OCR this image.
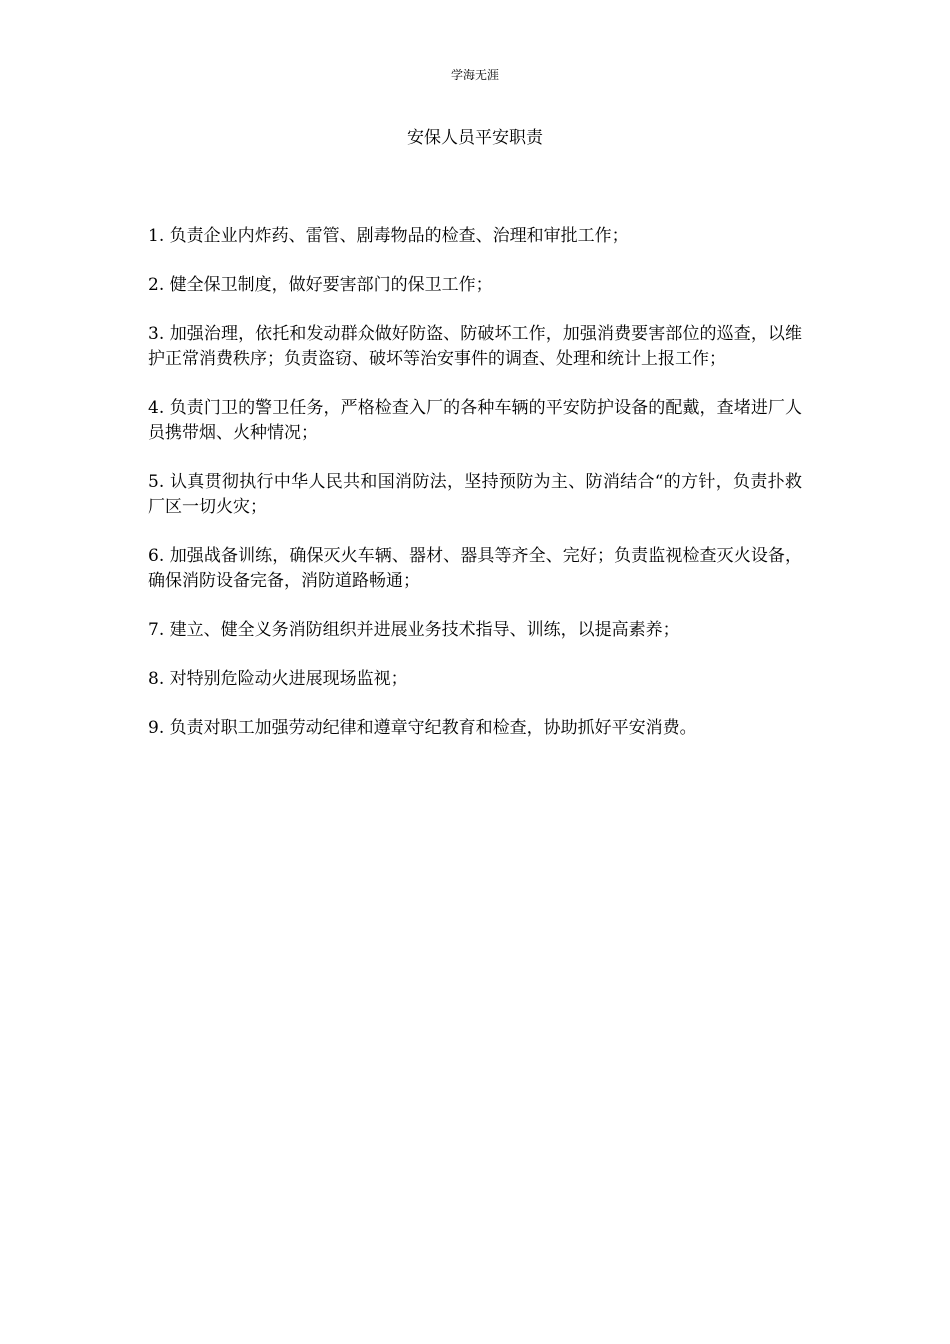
学海无涯
安保人员平安职责
1. 负责企业内炸药、雷管、剧毒物品的检查、治理和审批工作；
2. 健全保卫制度，做好要害部门的保卫工作；
3. 加强治理，依托和发动群众做好防盗、防破坏工作，加强消费要害部位的巡查，以维护正常消费秩序；负责盗窃、破坏等治安事件的调查、处理和统计上报工作；
4. 负责门卫的警卫任务，严格检查入厂的各种车辆的平安防护设备的配戴，查堵进厂人员携带烟、火种情况；
5. 认真贯彻执行中华人民共和国消防法，坚持预防为主、防消结合“的方针，负责扑救厂区一切火灾；
6. 加强战备训练，确保灭火车辆、器材、器具等齐全、完好；负责监视检查灭火设备，确保消防设备完备，消防道路畅通；
7. 建立、健全义务消防组织并进展业务技术指导、训练，以提高素养；
8. 对特别危险动火进展现场监视；
9. 负责对职工加强劳动纪律和遵章守纪教育和检查，协助抓好平安消费。
